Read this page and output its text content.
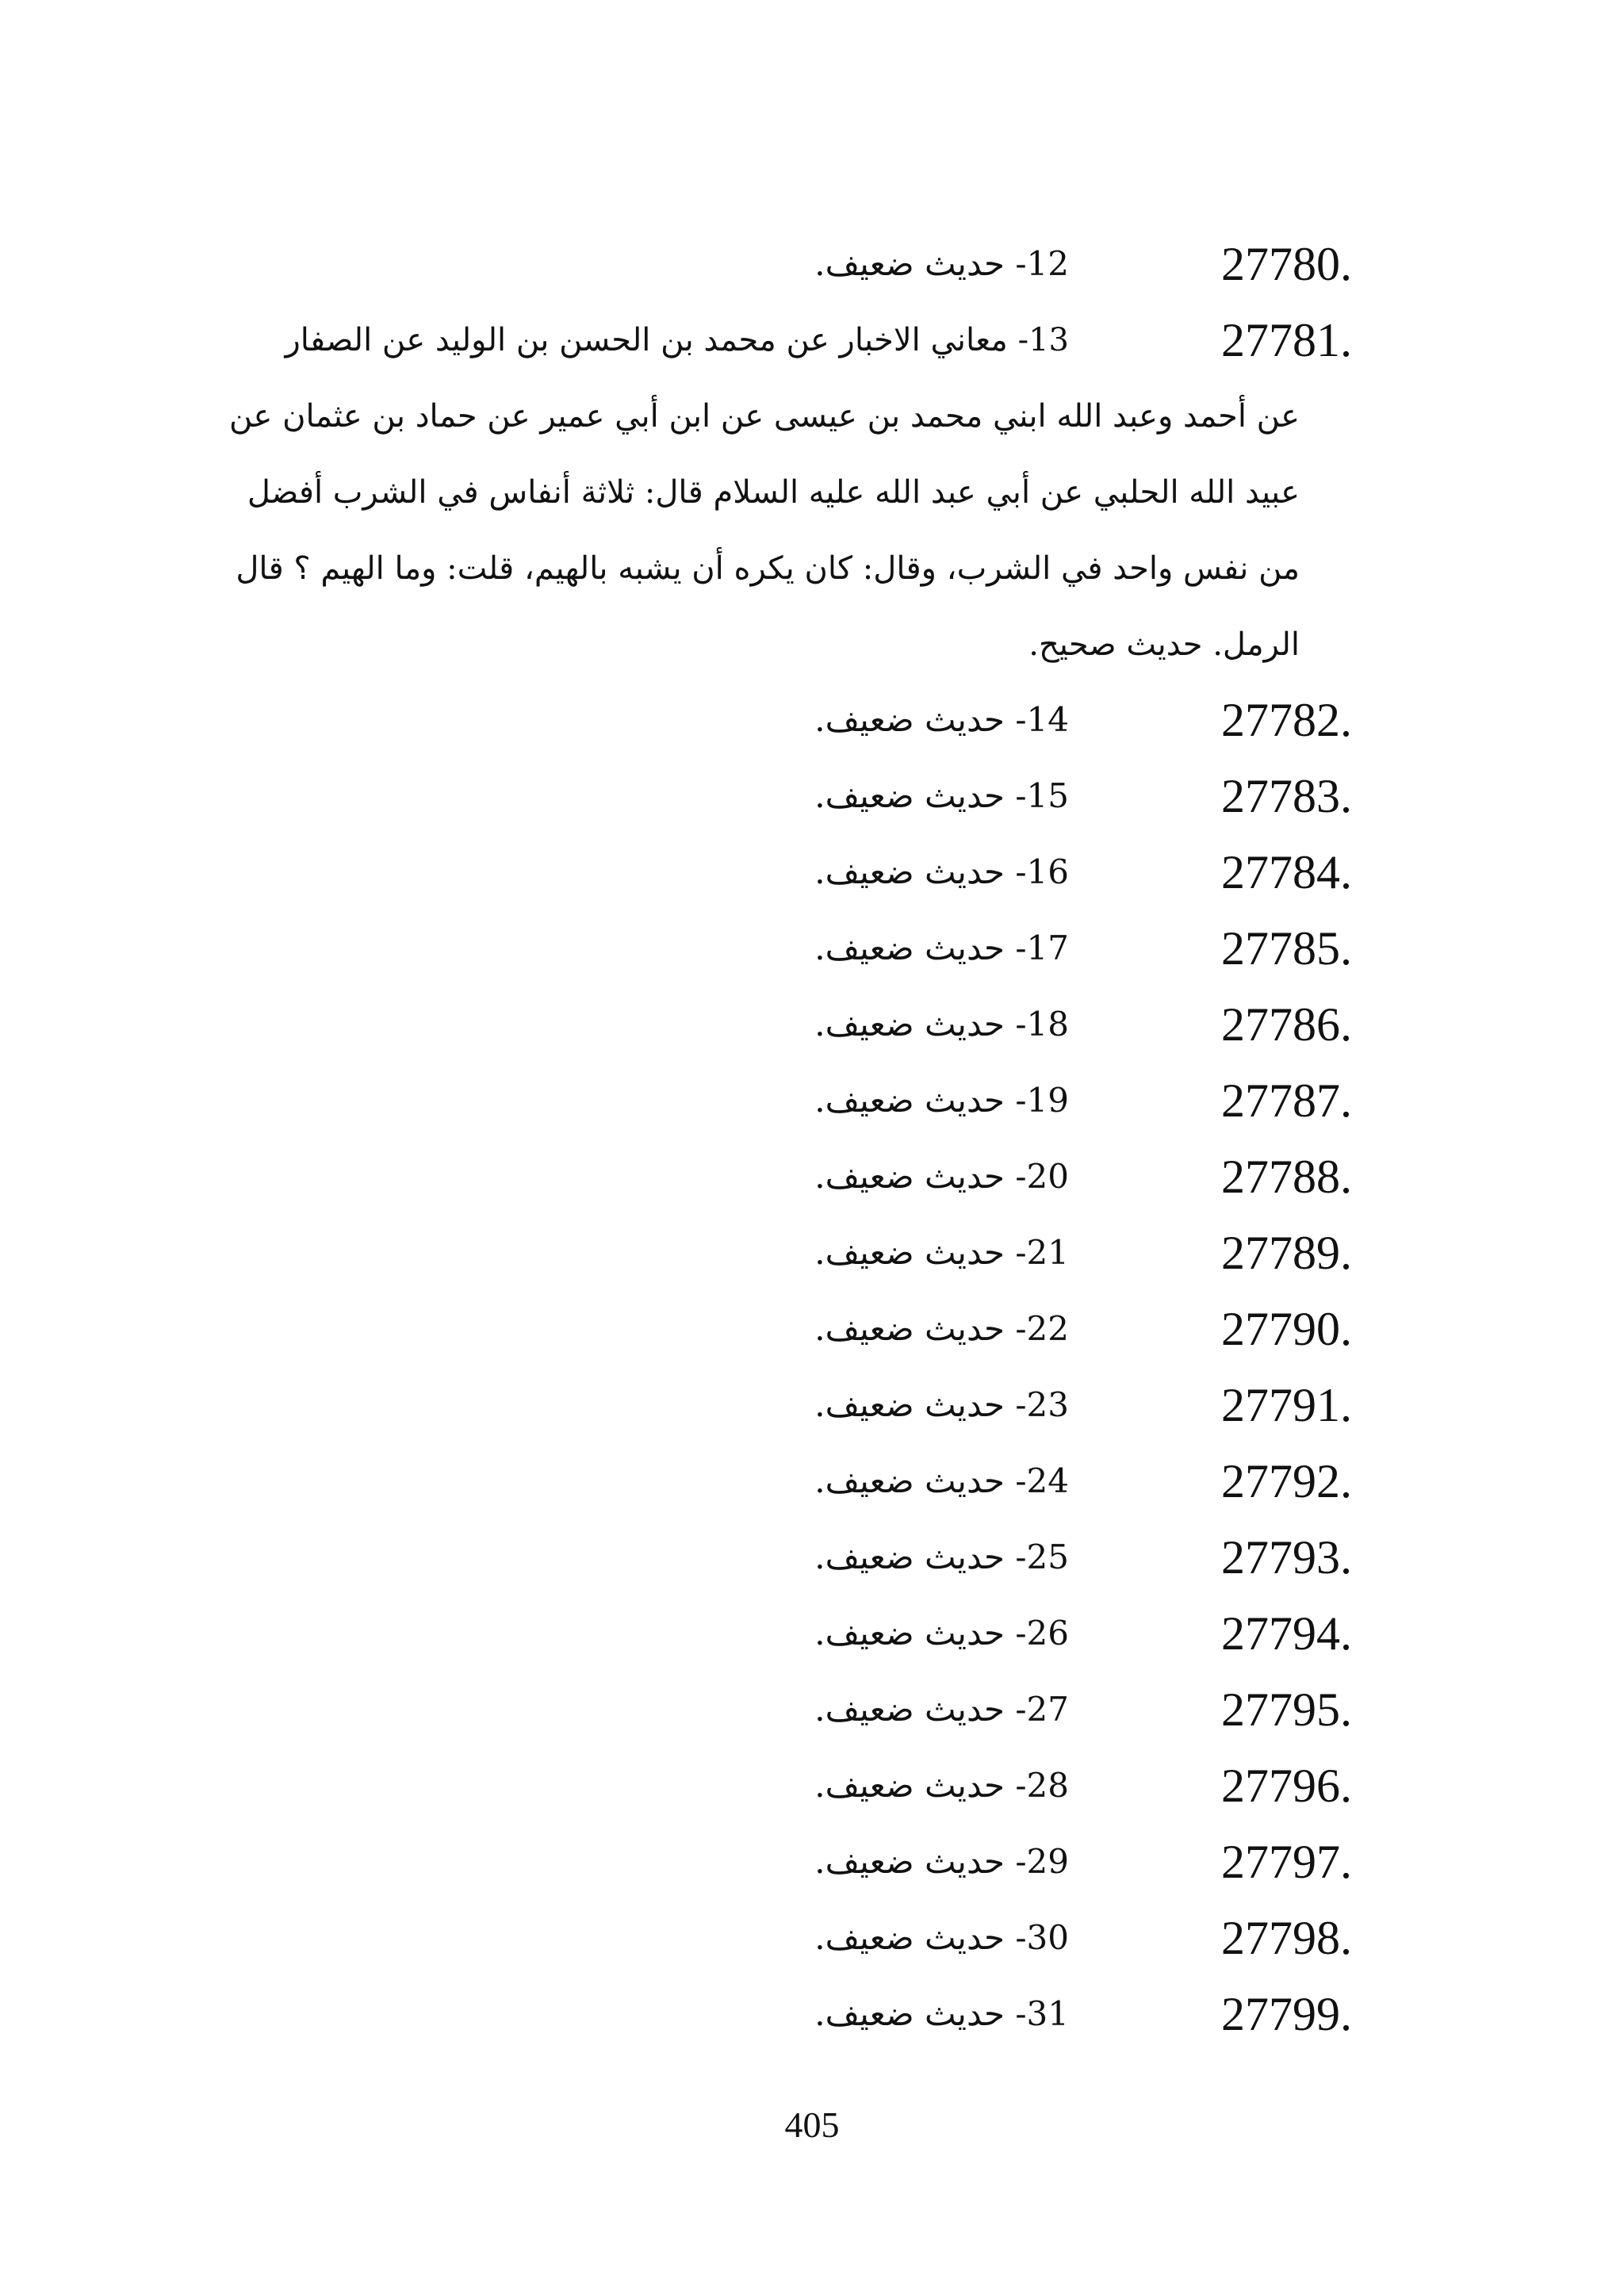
27780.
12- حديث ضعيف.
27781.
13- معاني الاخبار عن محمد بن الحسن بن الوليد عن الصفار
عن أحمد وعبد الله ابني محمد بن عيسى عن ابن أبي عمير عن حماد بن عثمان عن عبيد الله الحلبي عن أبي عبد الله عليه السلام قال: ثلاثة أنفاس في الشرب أفضل من نفس واحد في الشرب، وقال: كان يكره أن يشبه بالهيم، قلت: وما الهيم ؟ قال الرمل. حديث صحيح.
27782.
14- حديث ضعيف.
27783.
15- حديث ضعيف.
27784.
16- حديث ضعيف.
27785.
17- حديث ضعيف.
27786.
18- حديث ضعيف.
27787.
19- حديث ضعيف.
27788.
20- حديث ضعيف.
27789.
21- حديث ضعيف.
27790.
22- حديث ضعيف.
27791.
23- حديث ضعيف.
27792.
24- حديث ضعيف.
27793.
25- حديث ضعيف.
27794.
26- حديث ضعيف.
27795.
27- حديث ضعيف.
27796.
28- حديث ضعيف.
27797.
29- حديث ضعيف.
27798.
30- حديث ضعيف.
27799.
31- حديث ضعيف.
405
